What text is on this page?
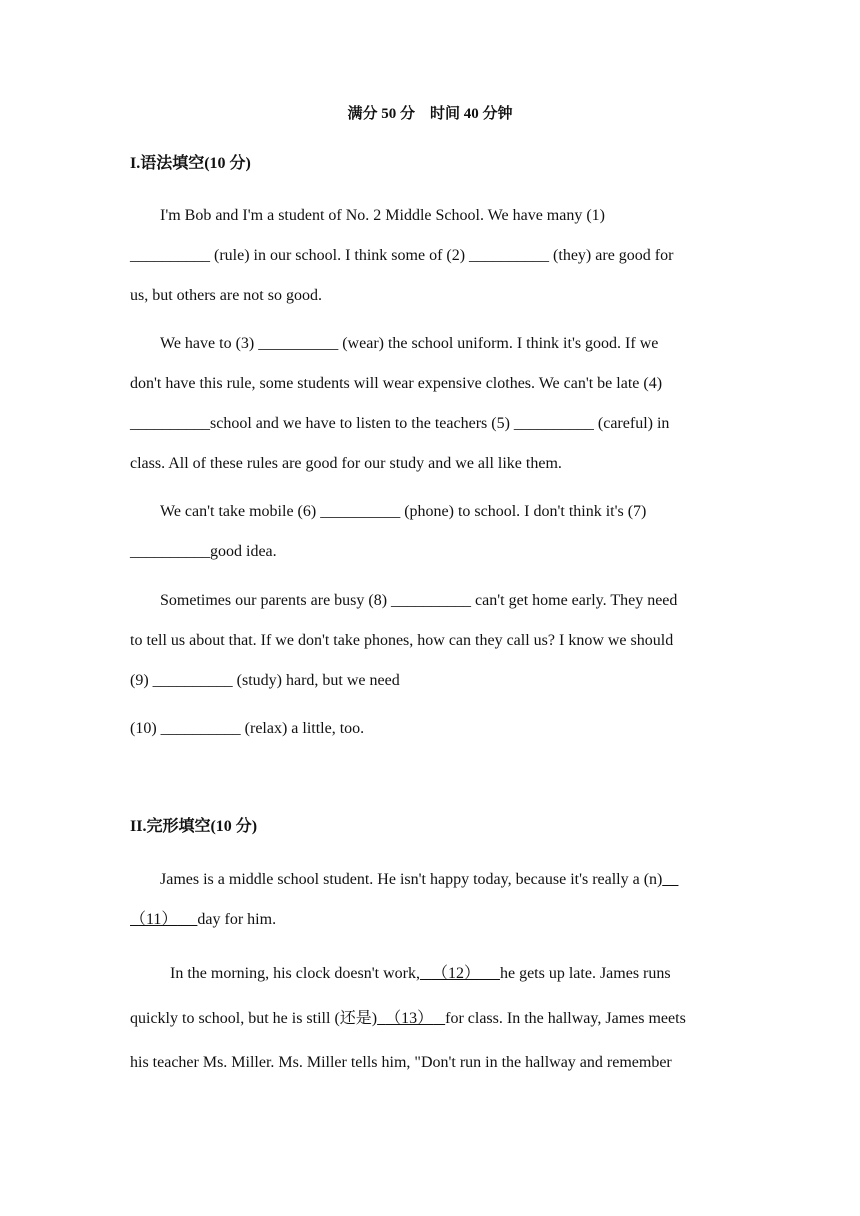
满分 50 分　时间 40 分钟
I.语法填空(10 分)
I'm Bob and I'm a student of No. 2 Middle School. We have many (1)
__________ (rule) in our school. I think some of (2) __________ (they) are good for
us, but others are not so good.
We have to (3) __________ (wear) the school uniform. I think it's good. If we
don't have this rule, some students will wear expensive clothes. We can't be late (4)
__________school and we have to listen to the teachers (5) __________ (careful) in
class. All of these rules are good for our study and we all like them.
We can't take mobile (6) __________ (phone) to school. I don't think it's (7)
__________good idea.
Sometimes our parents are busy (8) __________ can't get home early. They need
to tell us about that. If we don't take phones, how can they call us? I know we should
(9) __________ (study) hard, but we need
(10) __________ (relax) a little, too.
II.完形填空(10 分)
James is a middle school student. He isn't happy today, because it's really a (n)__
（11）​     day for him.
In the morning, his clock doesn't work, （12） he gets up late. James runs
quickly to school, but he is still (还是) （13） for class. In the hallway, James meets
his teacher Ms. Miller. Ms. Miller tells him, "Don't run in the hallway and remember
